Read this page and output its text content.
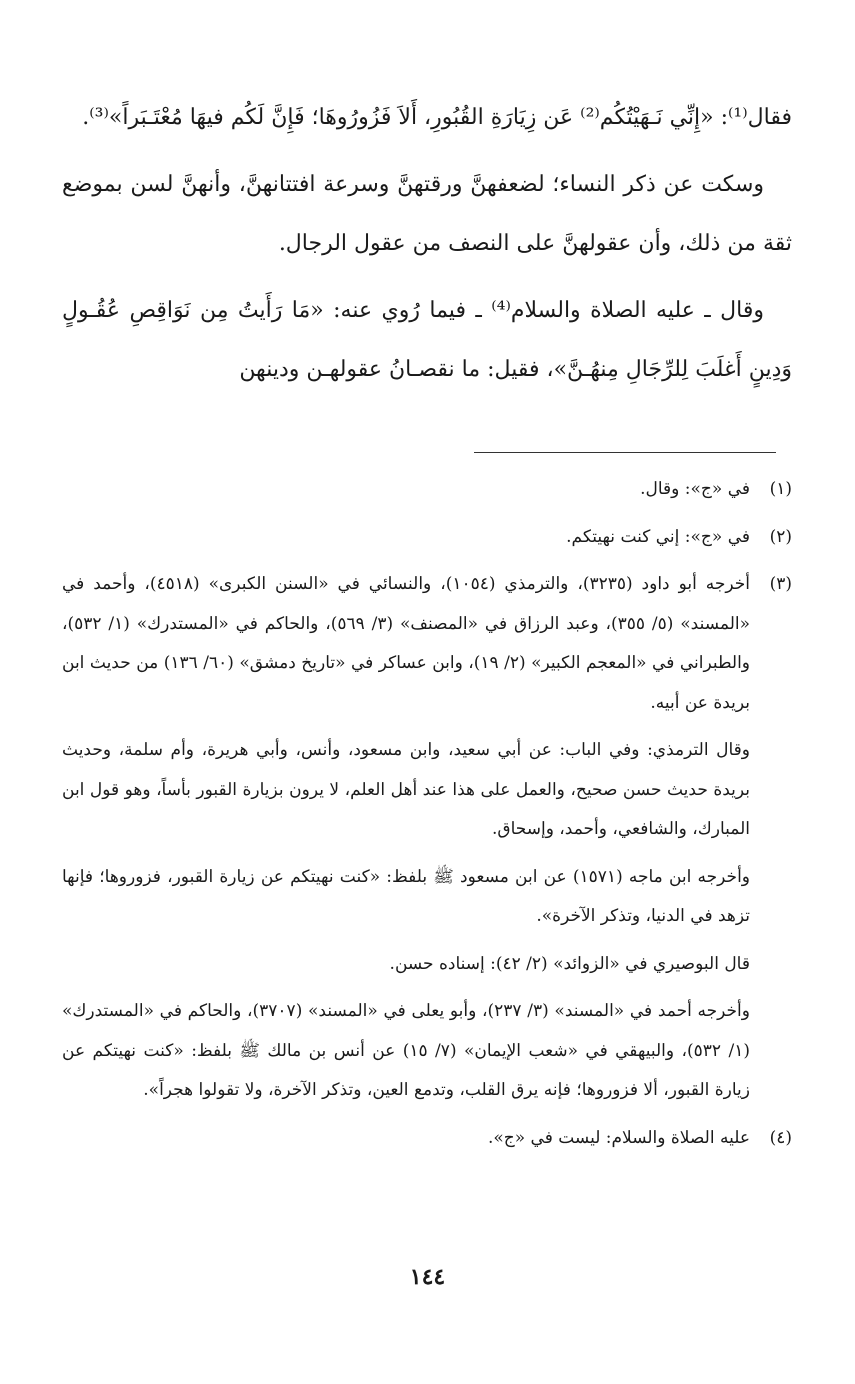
فقال⁽¹⁾: «إِنِّي نَـهَيْتُكُم⁽²⁾ عَن زِيَارَةِ القُبُورِ، أَلاَ فَزُورُوهَا؛ فَإِنَّ لَكُم فيهَا مُعْتَـبَراً»⁽³⁾.

وسكت عن ذكر النساء؛ لضعفهنَّ ورقتهنَّ وسرعة افتتانهنَّ، وأنهنَّ لسن بموضع ثقة من ذلك، وأن عقولهنَّ على النصف من عقول الرجال.

وقال ـ عليه الصلاة والسلام⁽⁴⁾ ـ فيما رُوي عنه: «مَا رَأَيتُ مِن نَوَاقِصِ عُقُـولٍ وَدِينٍ أَغلَبَ لِلرِّجَالِ مِنهُـنَّ»، فقيل: ما نقصـانُ عقولهـن ودينهن

(١)

في «ج»: وقال.

(٢)

في «ج»: إني كنت نهيتكم.

(٣)

أخرجه أبو داود (٣٢٣٥)، والترمذي (١٠٥٤)، والنسائي في «السنن الكبرى» (٤٥١٨)، وأحمد في «المسند» (٥/ ٣٥٥)، وعبد الرزاق في «المصنف» (٣/ ٥٦٩)، والحاكم في «المستدرك» (١/ ٥٣٢)، والطبراني في «المعجم الكبير» (٢/ ١٩)، وابن عساكر في «تاريخ دمشق» (٦٠/ ١٣٦) من حديث ابن بريدة عن أبيه.

وقال الترمذي: وفي الباب: عن أبي سعيد، وابن مسعود، وأنس، وأبي هريرة، وأم سلمة، وحديث بريدة حديث حسن صحيح، والعمل على هذا عند أهل العلم، لا يرون بزيارة القبور بأساً، وهو قول ابن المبارك، والشافعي، وأحمد، وإسحاق.

وأخرجه ابن ماجه (١٥٧١) عن ابن مسعود ﷺ بلفظ: «كنت نهيتكم عن زيارة القبور، فزوروها؛ فإنها تزهد في الدنيا، وتذكر الآخرة».

قال البوصيري في «الزوائد» (٢/ ٤٢): إسناده حسن.

وأخرجه أحمد في «المسند» (٣/ ٢٣٧)، وأبو يعلى في «المسند» (٣٧٠٧)، والحاكم في «المستدرك» (١/ ٥٣٢)، والبيهقي في «شعب الإيمان» (٧/ ١٥) عن أنس بن مالك ﷺ بلفظ: «كنت نهيتكم عن زيارة القبور، ألا فزوروها؛ فإنه يرق القلب، وتدمع العين، وتذكر الآخرة، ولا تقولوا هجراً».

(٤)

عليه الصلاة والسلام: ليست في «ج».

١٤٤
